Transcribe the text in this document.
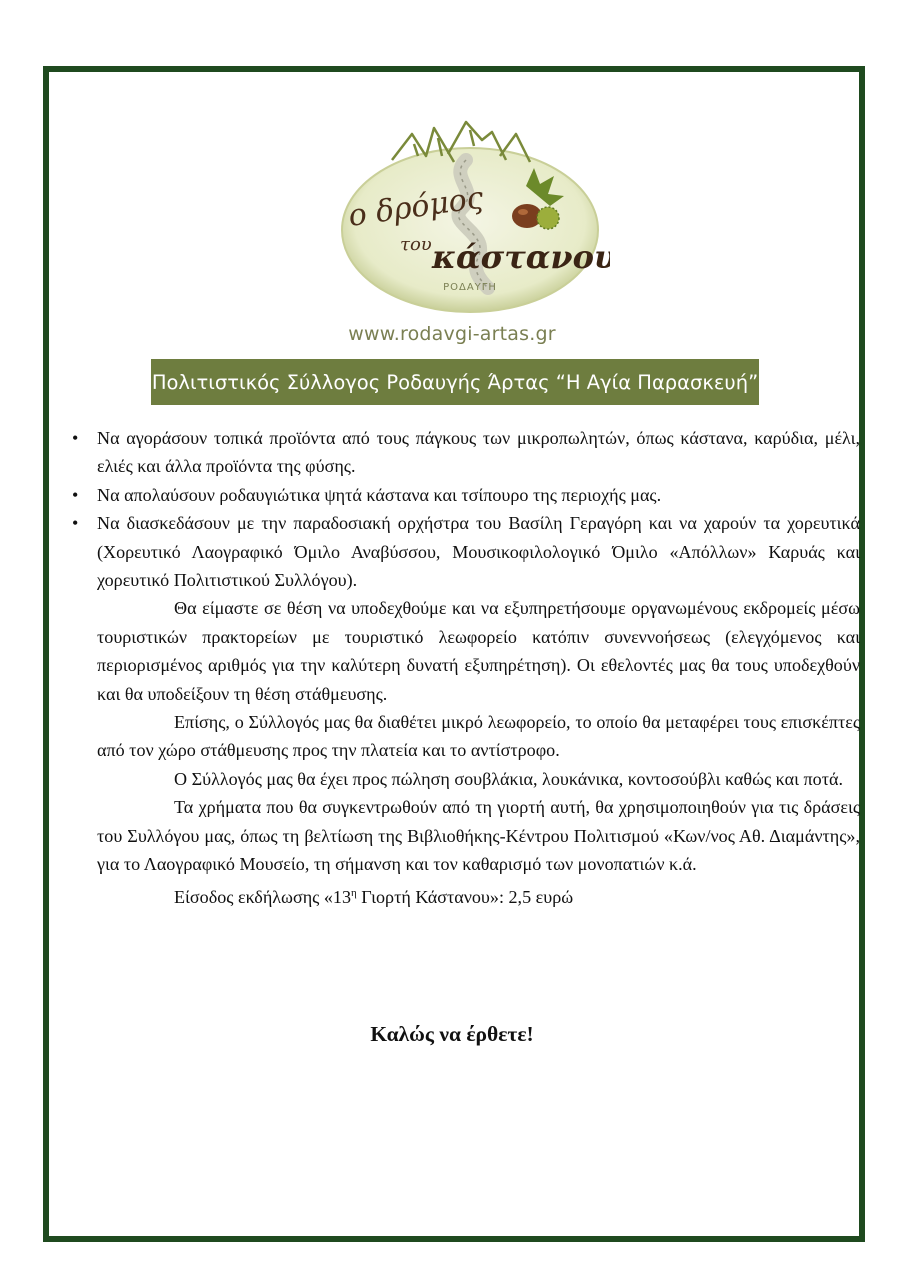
ο δρόμος
του κάστανου
ΡΟΔΑΥΓΗ
www.rodavgi-artas.gr
Πολιτιστικός Σύλλογος Ροδαυγής Άρτας “Η Αγία Παρασκευή”
• Να αγοράσουν τοπικά προϊόντα από τους πάγκους των μικροπωλητών, όπως κάστανα, καρύδια, μέλι, ελιές και άλλα προϊόντα της φύσης.
• Να απολαύσουν ροδαυγιώτικα ψητά κάστανα και τσίπουρο της περιοχής μας.
• Να διασκεδάσουν με την παραδοσιακή ορχήστρα του Βασίλη Γεραγόρη και να χαρούν τα χορευτικά (Χορευτικό Λαογραφικό Όμιλο Αναβύσσου, Μουσικοφιλολογικό Όμιλο «Απόλλων» Καρυάς και χορευτικό Πολιτιστικού Συλλόγου).

Θα είμαστε σε θέση να υποδεχθούμε και να εξυπηρετήσουμε οργανωμένους εκδρομείς μέσω τουριστικών πρακτορείων με τουριστικό λεωφορείο κατόπιν συνεννοήσεως (ελεγχόμενος και περιορισμένος αριθμός για την καλύτερη δυνατή εξυπηρέτηση). Οι εθελοντές μας θα τους υποδεχθούν και θα υποδείξουν τη θέση στάθμευσης.

Επίσης, ο Σύλλογός μας θα διαθέτει μικρό λεωφορείο, το οποίο θα μεταφέρει τους επισκέπτες από τον χώρο στάθμευσης προς την πλατεία και το αντίστροφο.

Ο Σύλλογός μας θα έχει προς πώληση σουβλάκια, λουκάνικα, κοντοσούβλι καθώς και ποτά.

Τα χρήματα που θα συγκεντρωθούν από τη γιορτή αυτή, θα χρησιμοποιηθούν για τις δράσεις του Συλλόγου μας, όπως τη βελτίωση της Βιβλιοθήκης-Κέντρου Πολιτισμού «Κων/νος Αθ. Διαμάντης», για το Λαογραφικό Μουσείο, τη σήμανση και τον καθαρισμό των μονοπατιών κ.ά.

Είσοδος εκδήλωσης «$13^\eta$ Γιορτή Κάστανου»: 2,5 ευρώ

Καλώς να έρθετε!
